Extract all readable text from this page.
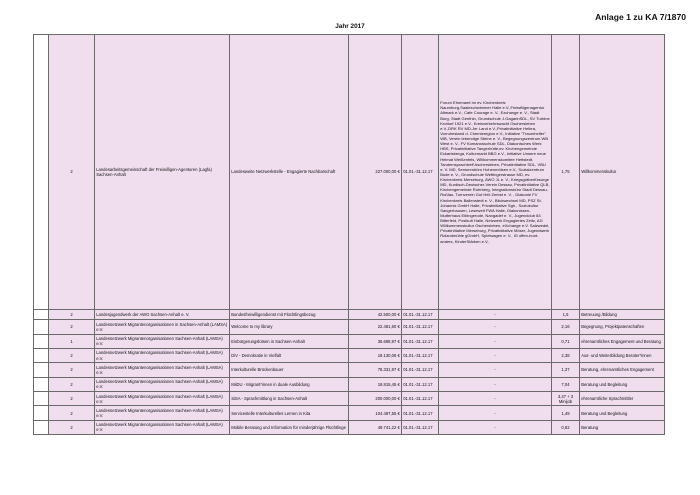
Anlage 1 zu KA 7/1870
Jahr 2017
	2	Landesarbeitsgemeinschaft der Freiwilligen-Agenturen (Lagfa) Sachsen-Anhalt	Landesweite Netzwerkstelle - Engagierte Nachbarschaft	227.000,00 €	01.01.-31.12.17	Forum Ehrenamt im ev. Kirchenkreis Naumburg,Saaleschwimmer Halle e.V.,Freiwilligenagentur Altmark e.V., Cafe Courage e. V., Exchange e. V., Stadt Burg, Stadt Genthin, Grundschule J.GagarinSDL, SV Turbine Krottorf 1921 e.V., Kreisverkehrswacht Oschersleben e.V.,DRK RV MD-Jer Land e.V.,Privatinitiative Helbra, Vorruhestand d. Chemieregion e.V., Initiative "Traumhelfer" WB, Verein lebendige Steine e. V., Begegnungszentrum WB West e. V., FV Komarowschule SDL, Diakonisches Werk HBS, Privatinitiative Tangerhütte,ev. Kirchengemeinde Eckartsberga, Kulturmarkt BBG e.V., Initiative Unsere neue Heimat Weißenfels, Willkommenskomitee Hettstedt, Tandemsprachtreff Aschersleben, Privatinitiative SDL, VBU e. V. MD, Seniorenbüro Hohenmölsen e.V., Sozialzentrum Bode e. V., Grundschule Wettingerstrasse MD, ev. Kirchenkreis Merseburg, AWO JL e. V., Kriegsgräberfürsorge MD, Kurdisch-Deutscher-Verein Dessau, Privatinitiative QLB, Kirchengemeinde Rohrberg, Integrationsbüro Stadt Dessau-Roßlau, Turnverein Gut Heil Zerbst e. V. , Diakonie FV Kirchenkreis Ballenstedt e. V., Blickwechsel MD, PSZ St. Johannis GmbH Halle, Privatinitiative Sgh., Soziokultur Sangerhausen, Lesewelt FWA Halle, Diakonissen-Mutterhaus Elbingerode, Nangadef e. V., Jugendclub 83 Bitterfeld, Postkult Halle, Netzwerk Engagiertes Zeitz, AG Willkommenskultur Oschersleben, eXchange e.V. Salzwedel, Privatinitiative Merseburg, Privatinitiative Möser, Jugendwerk Rolandmühle gGmbH, Spielwagen e. V., IG offen-bunt-anders, KinderStärken e.V.,	1,75	Willkommenskultur
	2	Landesjugendwerk der AWO Sachsen-Anhalt e. V.	Bundesfreiwilligendienst mit Flüchtlingsbezug	42.500,00 €	01.01.-31.12.17	-	1,5	Betreuung /Bildung
	2	Landesnetzwerk Migrantenorganisationen in Sachsen-Anhalt (LAMSA) e.V.	Welcome to my library	22.481,60 €	01.01.-31.12.17	-	2,16	Begegnung, Projektpatenschaften
	1	Landesnetzwerk Migrantenorganisationen Sachsen-Anhalt (LAMSA) e.V.	Einbürgerungslotsen in Sachsen-Anhalt	36.698,97 €	01.01.-31.12.17	-	0,71	ehrenamtliches Engagement und Beratung
	2	Landesnetzwerk Migrantenorganisationen Sachsen-Anhalt (LAMSA) e.V.	DiV - Demokratie in Vielfalt	18.130,06 €	01.01.-31.12.17	-	2,38	Aus- und Weiterbildung Berater*innen
	2	Landesnetzwerk Migrantenorganisationen Sachsen-Anhalt (LAMSA) e.V.	Interkulturelle Brückenbauer	78.331,97 €	01.01.-31.12.17	-	1,37	Beratung, ehrenamtliches Engagement
	2	Landesnetzwerk Migrantenorganisationen Sachsen-Anhalt (LAMSA) e.V.	MiiDU - Migrant*innen in duale Ausbildung	18.815,45 €	01.01.-31.12.17	-	7,04	Beratung und Begleitung
	2	Landesnetzwerk Migrantenorganisationen Sachsen-Anhalt (LAMSA) e.V.	SiSA - Sprachmittlung in Sachsen-Anhalt	200.000,00 €	01.01.-31.12.17	-	3,47 + 3 Minijob	ehrenamtliche Sprachmittler
	2	Landesnetzwerk Migrantenorganisationen Sachsen-Anhalt (LAMSA) e.V.	Servicestelle Interkulturelles Lernen in Kita	104.487,55 €	01.01.-31.12.17	-	1,49	Beratung und Begleitung
	2	Landesnetzwerk Migrantenorganisationen Sachsen-Anhalt (LAMSA) e.V.	Mobile Beratung und Information für minderjährige Flüchtlinge	49.741,22 €	01.01.-31.12.17	-	0,82	Beratung
